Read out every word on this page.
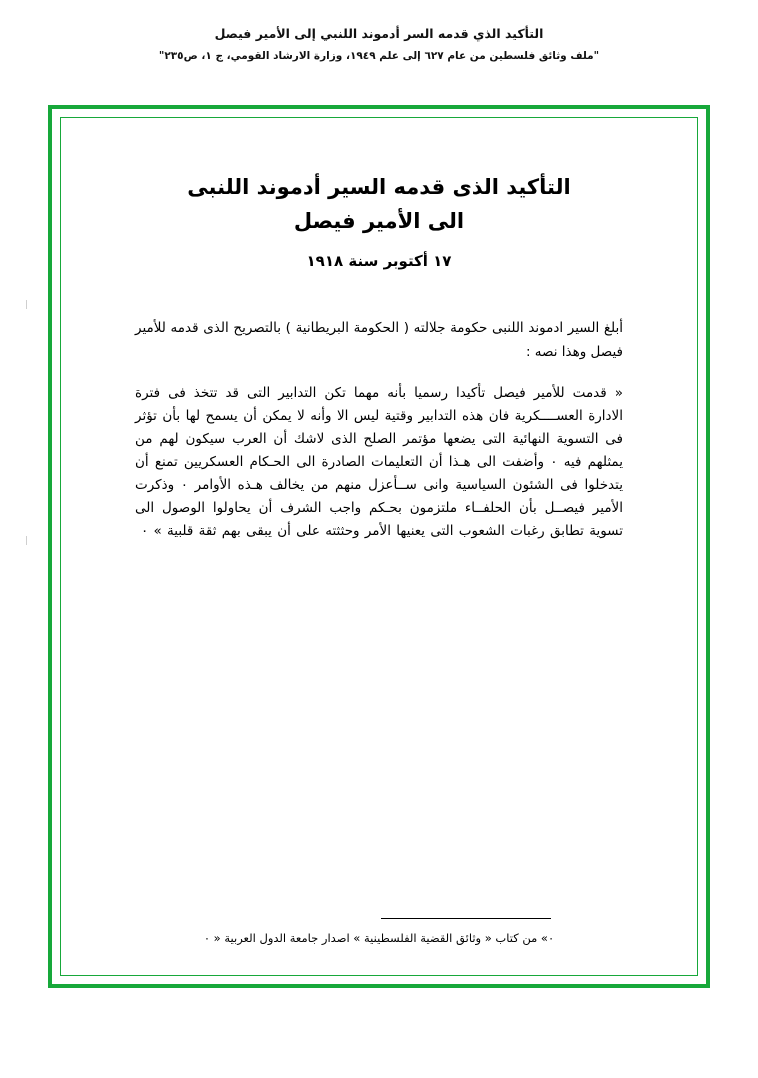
التأكيد الذي قدمه السر أدموند اللنبي إلى الأمير فيصل
"ملف وثائق فلسطين من عام ٦٢٧ إلى علم ١٩٤٩، وزارة الارشاد القومي، ج ١، ص٢٣٥"
التأكيد الذى قدمه السير أدموند اللنبى
الى الأمير فيصل
١٧ أكتوبر سنة ١٩١٨

أبلغ السير ادموند اللنبى حكومة جلالته ( الحكومة البريطانية ) بالتصريح الذى قدمه للأمير فيصل وهذا نصه :

« قدمت للأمير فيصل تأكيدا رسميا بأنه مهما تكن التدابير التى قد تتخذ فى فترة الادارة العســــكرية فان هذه التدابير وقتية ليس الا وأنه لا يمكن أن يسمح لها بأن تؤثر فى التسوية النهائية التى يضعها مؤتمر الصلح الذى لاشك أن العرب سيكون لهم من يمثلهم فيه ٠ وأضفت الى هـذا أن التعليمات الصادرة الى الحـكام العسكريين تمنع أن يتدخلوا فى الشئون السياسية وانى ســأعزل منهم من يخالف هـذه الأوامر ٠ وذكرت الأمير فيصــل بأن الحلفــاء ملتزمون بحـكم واجب الشرف أن يحاولوا الوصول الى تسوية تطابق رغبات الشعوب التى يعنيها الأمر وحثثته على أن يبقى بهم ثقة قلبية » ٠

٠» من كتاب « وثائق القضية الفلسطينية » اصدار جامعة الدول العربية « ٠
